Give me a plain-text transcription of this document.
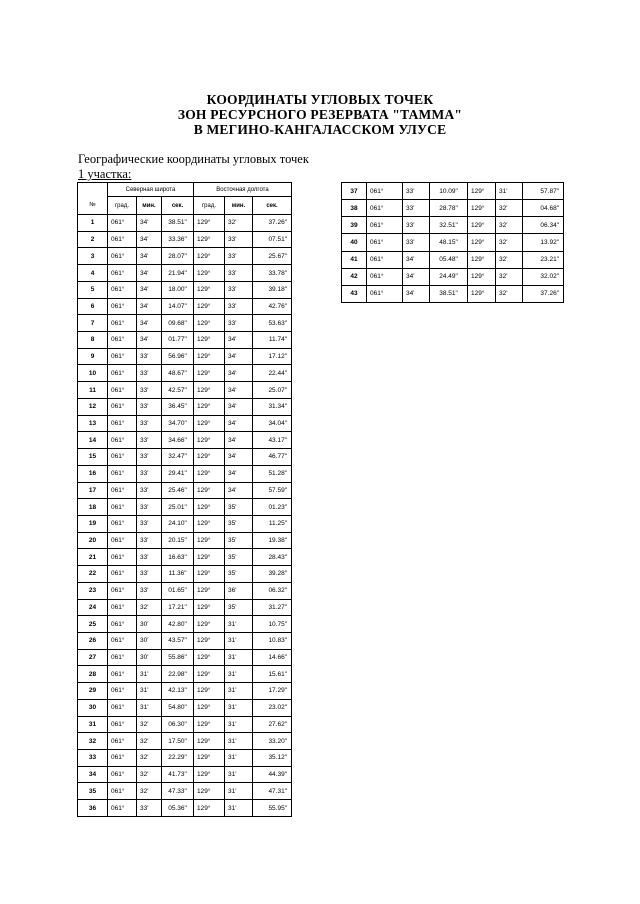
КООРДИНАТЫ УГЛОВЫХ ТОЧЕК
ЗОН РЕСУРСНОГО РЕЗЕРВАТА "ТАММА"
В МЕГИНО-КАНГАЛАССКОМ УЛУСЕ
Географические координаты угловых точек
1 участка:
	Северная широта			Восточная долгота		
№	град.	мин.	сек.	град.	мин.	сек.
1	061°	34'	38.51"	129°	32'	37.26"
2	061°	34'	33.36"	129°	33'	07.51"
3	061°	34'	28.07"	129°	33'	25.67"
4	061°	34'	21.94"	129°	33'	33.78"
5	061°	34'	18.00"	129°	33'	39.18"
6	061°	34'	14.07"	129°	33'	42.76"
7	061°	34'	09.68"	129°	33'	53.63"
8	061°	34'	01.77"	129°	34'	11.74"
9	061°	33'	56.96"	129°	34'	17.12"
10	061°	33'	48.67"	129°	34'	22.44"
11	061°	33'	42.57"	129°	34'	25.07"
12	061°	33'	36.45"	129°	34'	31.34"
13	061°	33'	34.70"	129°	34'	34.04"
14	061°	33'	34.66"	129°	34'	43.17"
15	061°	33'	32.47"	129°	34'	46.77"
16	061°	33'	29.41"	129°	34'	51.28"
17	061°	33'	25.46"	129°	34'	57.59"
18	061°	33'	25.01"	129°	35'	01.23"
19	061°	33'	24.10"	129°	35'	11.25"
20	061°	33'	20.15"	129°	35'	19.38"
21	061°	33'	16.63"	129°	35'	28.43"
22	061°	33'	11.36"	129°	35'	39.28"
23	061°	33'	01.65"	129°	36'	06.32"
24	061°	32'	17.21"	129°	35'	31.27"
25	061°	30'	42.80"	129°	31'	10.75"
26	061°	30'	43.57"	129°	31'	10.83"
27	061°	30'	55.86"	129°	31'	14.66"
28	061°	31'	22.98"	129°	31'	15.61"
29	061°	31'	42.13"	129°	31'	17.29"
30	061°	31'	54.80"	129°	31'	23.02"
31	061°	32'	06.30"	129°	31'	27.62"
32	061°	32'	17.50"	129°	31'	33.20"
33	061°	32'	22.29"	129°	31'	35.12"
34	061°	32'	41.73"	129°	31'	44.39"
35	061°	32'	47.33"	129°	31'	47.31"
36	061°	33'	05.36"	129°	31'	55.95"
37	061°	33'	10.09"	129°	31'	57.87"
38	061°	33'	28.78"	129°	32'	04.68"
39	061°	33'	32.51"	129°	32'	06.34"
40	061°	33'	48.15"	129°	32'	13.92"
41	061°	34'	05.48"	129°	32'	23.21"
42	061°	34'	24.49"	129°	32'	32.02"
43	061°	34'	38.51"	129°	32'	37.26"
